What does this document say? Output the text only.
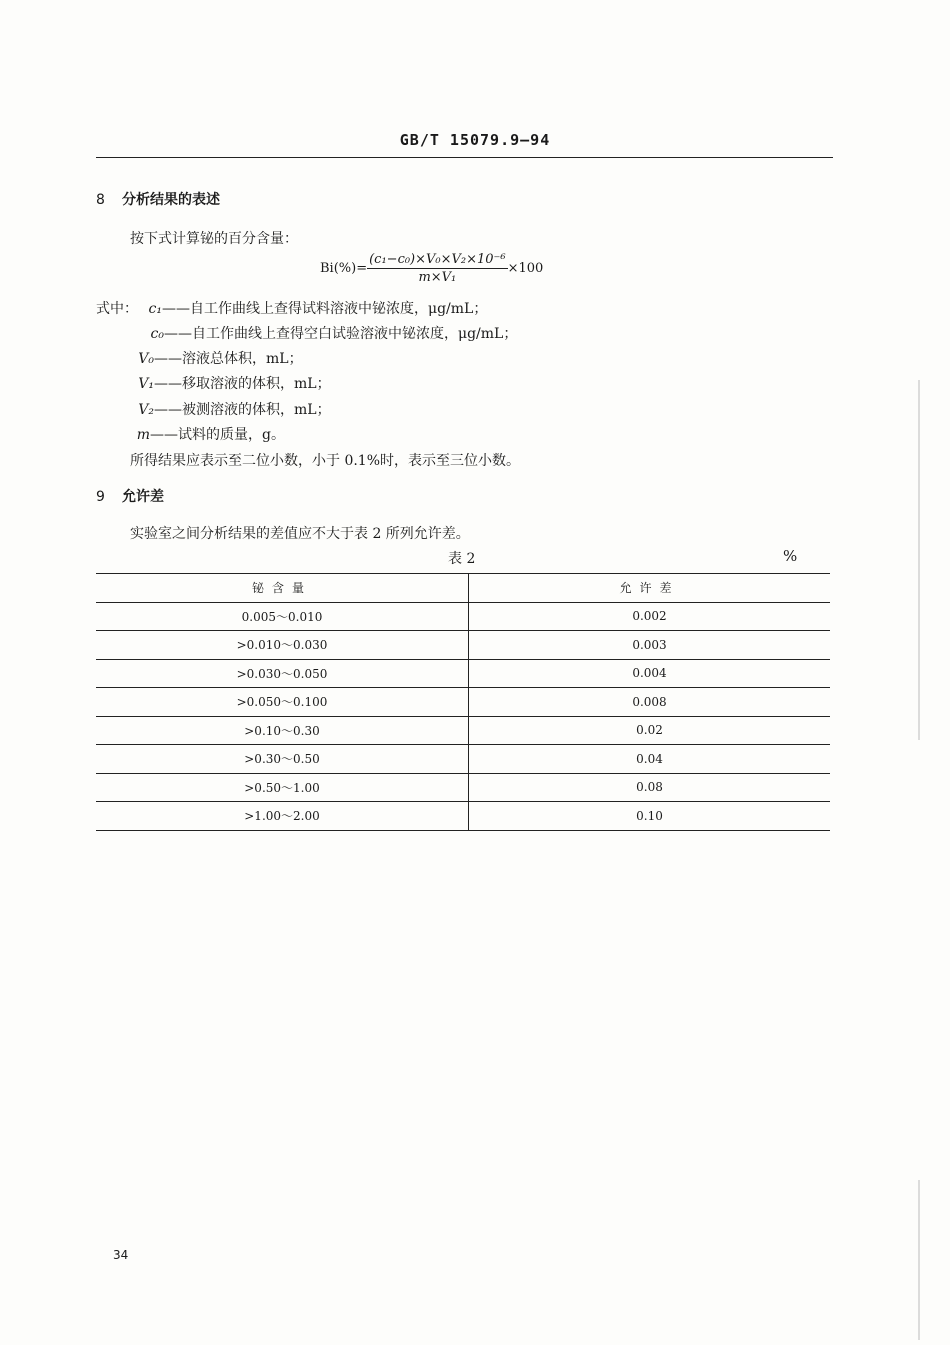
GB/T 15079.9—94
8 分析结果的表述
按下式计算铋的百分含量：
$Bi(\%)= \frac{\text{(c₁−c₀)×V₀×V₂×10⁻⁶}}{\text{m×V₁}} \times 100$
式中： c₁——自工作曲线上查得试料溶液中铋浓度，μg/mL；
c₀——自工作曲线上查得空白试验溶液中铋浓度，μg/mL；
V₀——溶液总体积，mL；
V₁——移取溶液的体积，mL；
V₂——被测溶液的体积，mL；
m——试料的质量，g。
所得结果应表示至二位小数，小于 0.1%时，表示至三位小数。
9 允许差
实验室之间分析结果的差值应不大于表 2 所列允许差。
表 2	%
铋含量	允许差
0.005～0.010	0.002
>0.010～0.030	0.003
>0.030～0.050	0.004
>0.050～0.100	0.008
>0.10～0.30	0.02
>0.30～0.50	0.04
>0.50～1.00	0.08
>1.00～2.00	0.10
34
